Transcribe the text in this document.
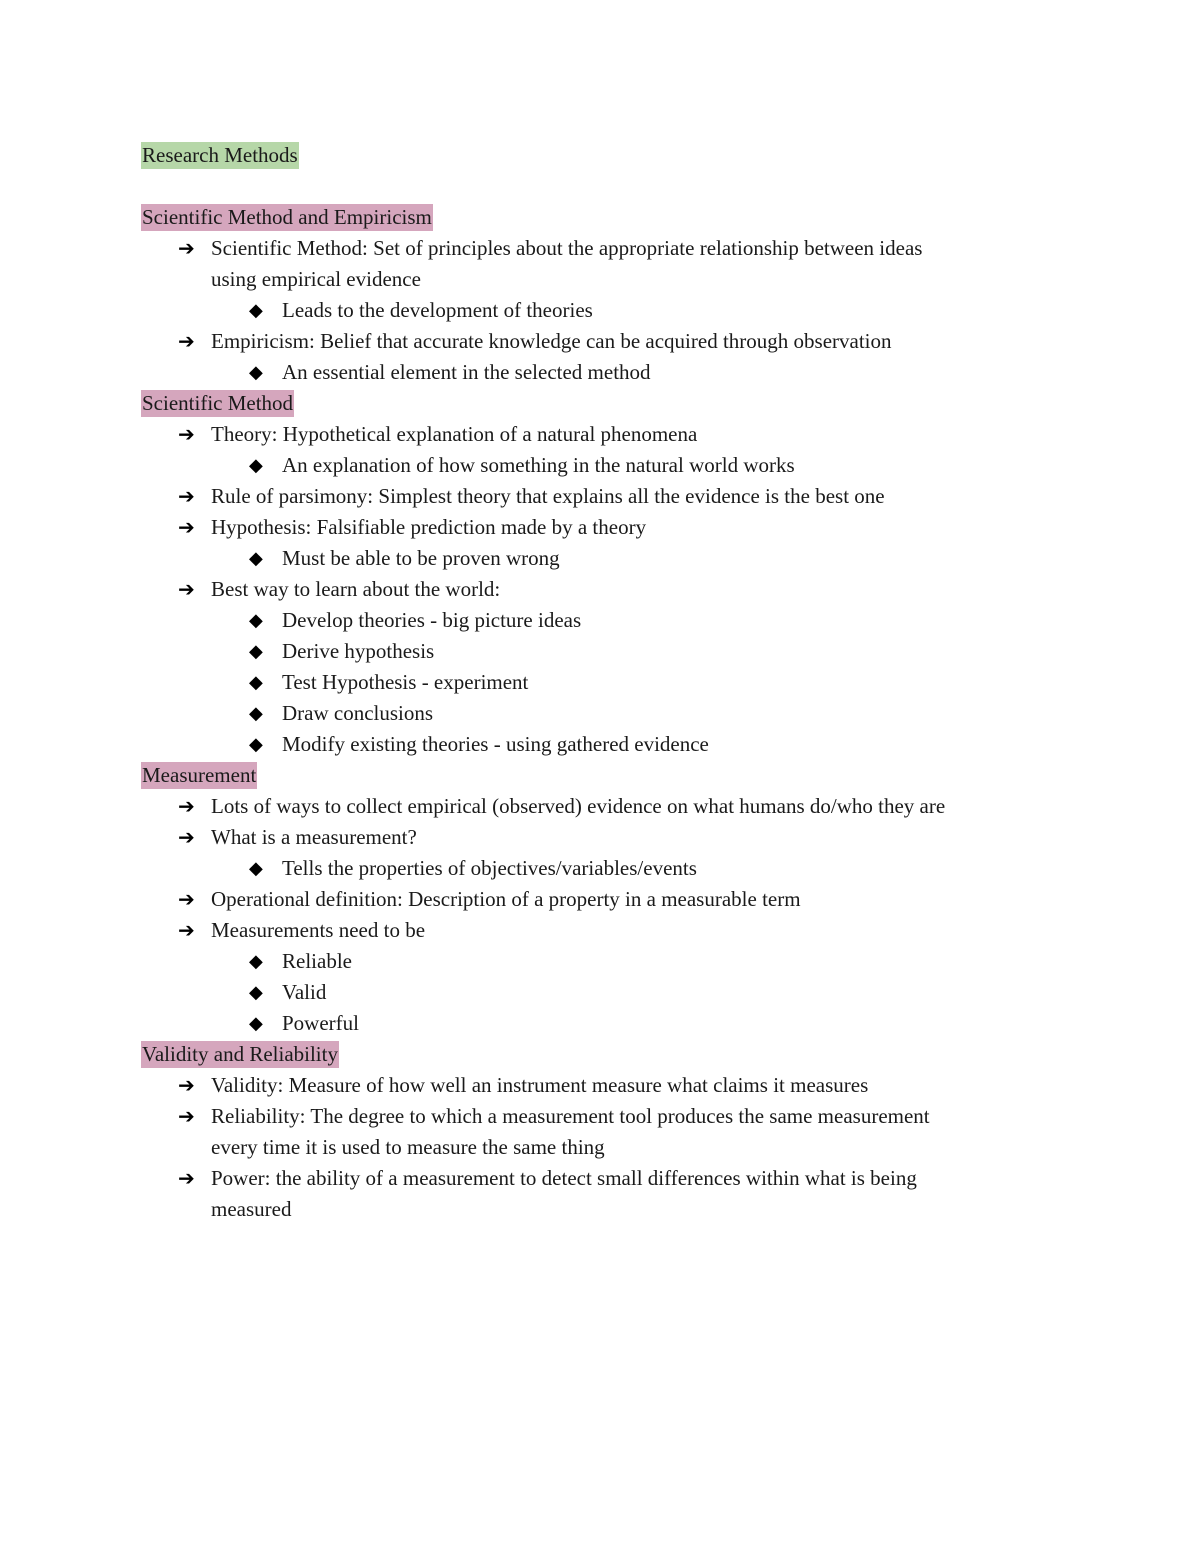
Research Methods
Scientific Method and Empiricism
➔ Scientific Method: Set of principles about the appropriate relationship between ideas
using empirical evidence
◆ Leads to the development of theories
➔ Empiricism: Belief that accurate knowledge can be acquired through observation
◆ An essential element in the selected method
Scientific Method
➔ Theory: Hypothetical explanation of a natural phenomena
◆ An explanation of how something in the natural world works
➔ Rule of parsimony: Simplest theory that explains all the evidence is the best one
➔ Hypothesis: Falsifiable prediction made by a theory
◆ Must be able to be proven wrong
➔ Best way to learn about the world:
◆ Develop theories - big picture ideas
◆ Derive hypothesis
◆ Test Hypothesis - experiment
◆ Draw conclusions
◆ Modify existing theories - using gathered evidence
Measurement
➔ Lots of ways to collect empirical (observed) evidence on what humans do/who they are
➔ What is a measurement?
◆ Tells the properties of objectives/variables/events
➔ Operational definition: Description of a property in a measurable term
➔ Measurements need to be
◆ Reliable
◆ Valid
◆ Powerful
Validity and Reliability
➔ Validity: Measure of how well an instrument measure what claims it measures
➔ Reliability: The degree to which a measurement tool produces the same measurement
every time it is used to measure the same thing
➔ Power: the ability of a measurement to detect small differences within what is being
measured
